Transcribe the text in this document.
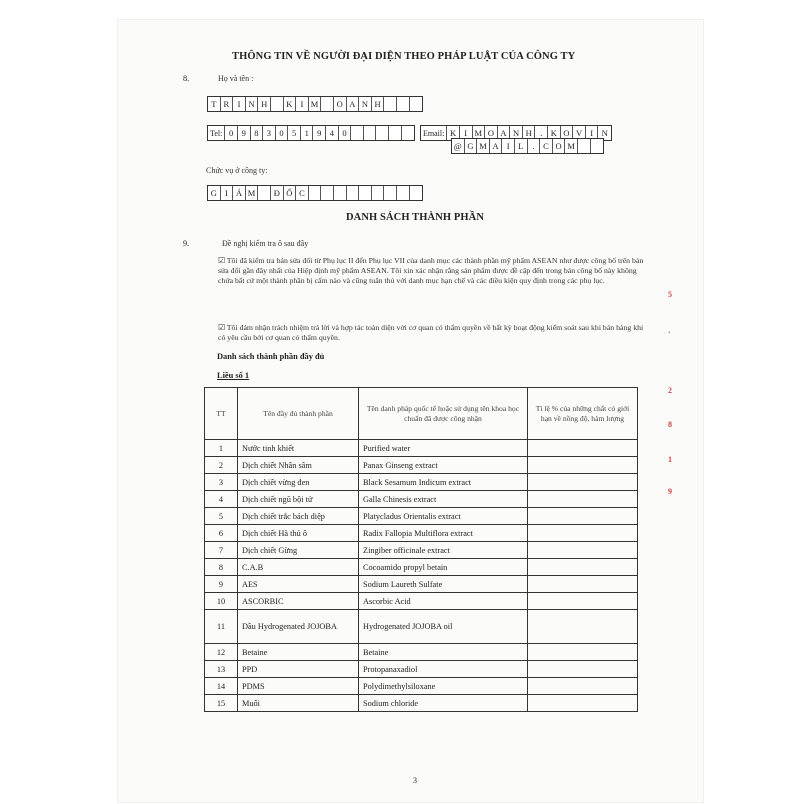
THÔNG TIN VỀ NGƯỜI ĐẠI DIỆN THEO PHÁP LUẬT CỦA CÔNG TY
8.	Họ và tên :
T R I N H	K I M	O A N H
Tel: 0 9 8 3 0 5 1 9 4 0	Email: K I M O A N H . K O V I	N
@ G M A I	L	.	C O M
Chức vụ ở công ty:
G I Á M	Đ Ố C
DANH SÁCH THÀNH PHẦN
9.	Đề nghị kiểm tra ô sau đây
☑ Tôi đã kiểm tra bản sửa đổi từ Phụ lục II đến Phụ lục VII của danh mục các thành phần mỹ phẩm ASEAN như được công bố trên bản sửa đổi gần đây nhất của Hiệp định mỹ phẩm ASEAN. Tôi xin xác nhận rằng sản phẩm được đề cập đến trong bản công bố này không chứa bất cứ một thành phần bị cấm nào và cũng tuân thủ với danh mục hạn chế và các điều kiện quy định trong các phụ lục.
☑ Tôi đảm nhận trách nhiệm trả lời và hợp tác toàn diện với cơ quan có thẩm quyền về bất kỳ hoạt động kiểm soát sau khi bán hàng khi có yêu cầu bởi cơ quan có thẩm quyền.
Danh sách thành phần đầy đủ
Liều số 1
TT	Tên đầy đủ thành phần	Tên danh pháp quốc tế hoặc sử dụng tên khoa học chuẩn đã được công nhận	Tỉ lệ % của những chất có giới hạn về nồng độ, hàm lượng
1	Nước tinh khiết	Purified water	
2	Dịch chiết Nhân sâm	Panax Ginseng extract	
3	Dịch chiết vừng đen	Black Sesamum Indicum extract	
4	Dịch chiết ngũ bội tử	Galla Chinesis extract	
5	Dịch chiết trắc bách diệp	Platycladus Orientalis extract	
6	Dịch chiết Hà thủ ô	Radix Fallopia Multiflora extract	
7	Dịch chiết Gừng	Zingiber officinale extract	
8	C.A.B	Cocoamido propyl betain	
9	AES	Sodium Laureth Sulfate	
10	ASCORBIC	Ascorbic Acid	
11	Dầu Hydrogenated JOJOBA	Hydrogenated JOJOBA oil	
12	Betaine	Betaine	
13	PPD	Protopanaxadiol	
14	PDMS	Polydimethylsiloxane	
15	Muối	Sodium chloride	
3
5
·
2
8
1
9
